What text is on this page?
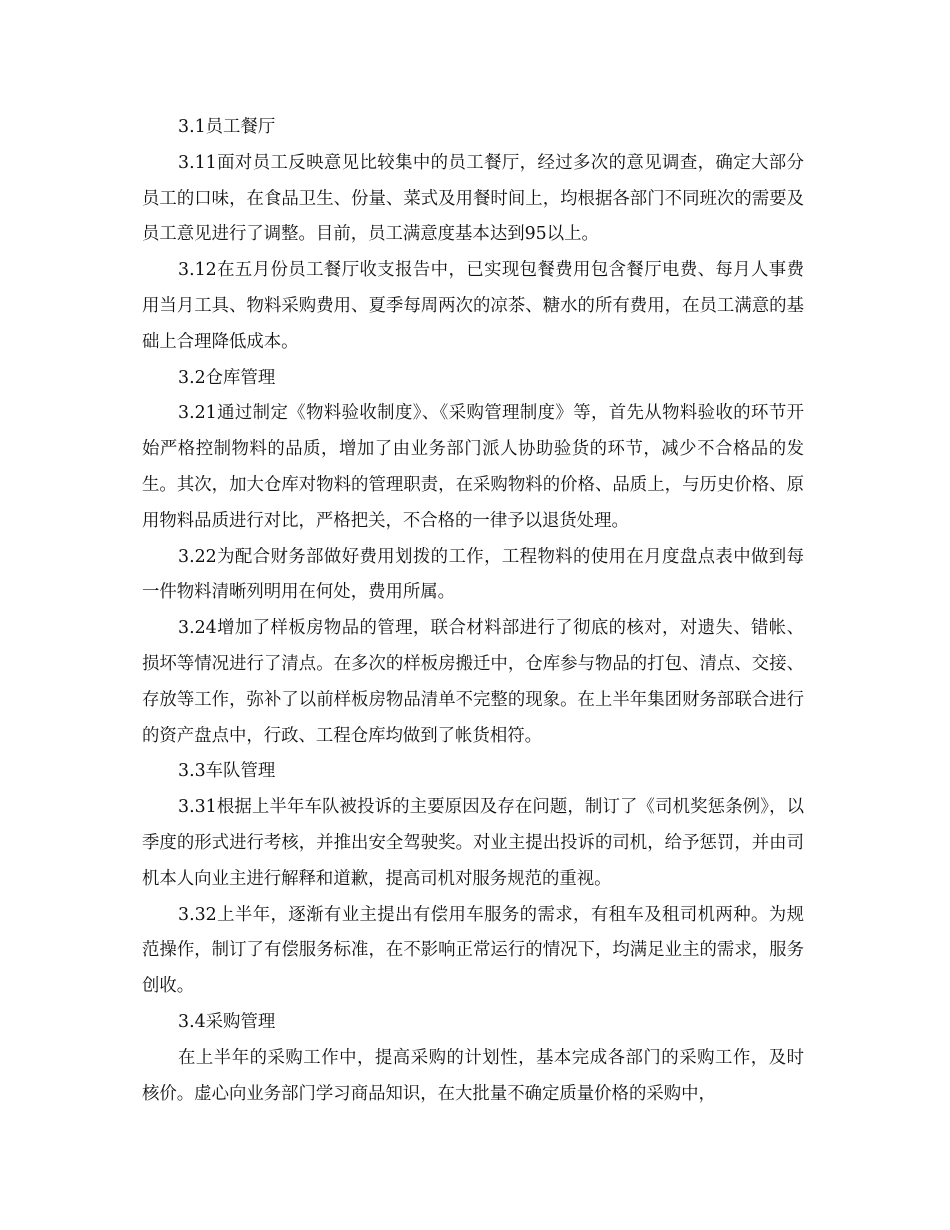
3.1员工餐厅

3.11面对员工反映意见比较集中的员工餐厅，经过多次的意见调查，确定大部分员工的口味，在食品卫生、份量、菜式及用餐时间上，均根据各部门不同班次的需要及员工意见进行了调整。目前，员工满意度基本达到95以上。

3.12在五月份员工餐厅收支报告中，已实现包餐费用包含餐厅电费、每月人事费用当月工具、物料采购费用、夏季每周两次的凉茶、糖水的所有费用，在员工满意的基础上合理降低成本。

3.2仓库管理

3.21通过制定《物料验收制度》、《采购管理制度》等，首先从物料验收的环节开始严格控制物料的品质，增加了由业务部门派人协助验货的环节，减少不合格品的发生。其次，加大仓库对物料的管理职责，在采购物料的价格、品质上，与历史价格、原用物料品质进行对比，严格把关，不合格的一律予以退货处理。

3.22为配合财务部做好费用划拨的工作，工程物料的使用在月度盘点表中做到每一件物料清晰列明用在何处，费用所属。

3.24增加了样板房物品的管理，联合材料部进行了彻底的核对，对遗失、错帐、损坏等情况进行了清点。在多次的样板房搬迁中，仓库参与物品的打包、清点、交接、存放等工作，弥补了以前样板房物品清单不完整的现象。在上半年集团财务部联合进行的资产盘点中，行政、工程仓库均做到了帐货相符。

3.3车队管理

3.31根据上半年车队被投诉的主要原因及存在问题，制订了《司机奖惩条例》，以季度的形式进行考核，并推出安全驾驶奖。对业主提出投诉的司机，给予惩罚，并由司机本人向业主进行解释和道歉，提高司机对服务规范的重视。

3.32上半年，逐渐有业主提出有偿用车服务的需求，有租车及租司机两种。为规范操作，制订了有偿服务标准，在不影响正常运行的情况下，均满足业主的需求，服务创收。

3.4采购管理

在上半年的采购工作中，提高采购的计划性，基本完成各部门的采购工作，及时核价。虚心向业务部门学习商品知识，在大批量不确定质量价格的采购中，
